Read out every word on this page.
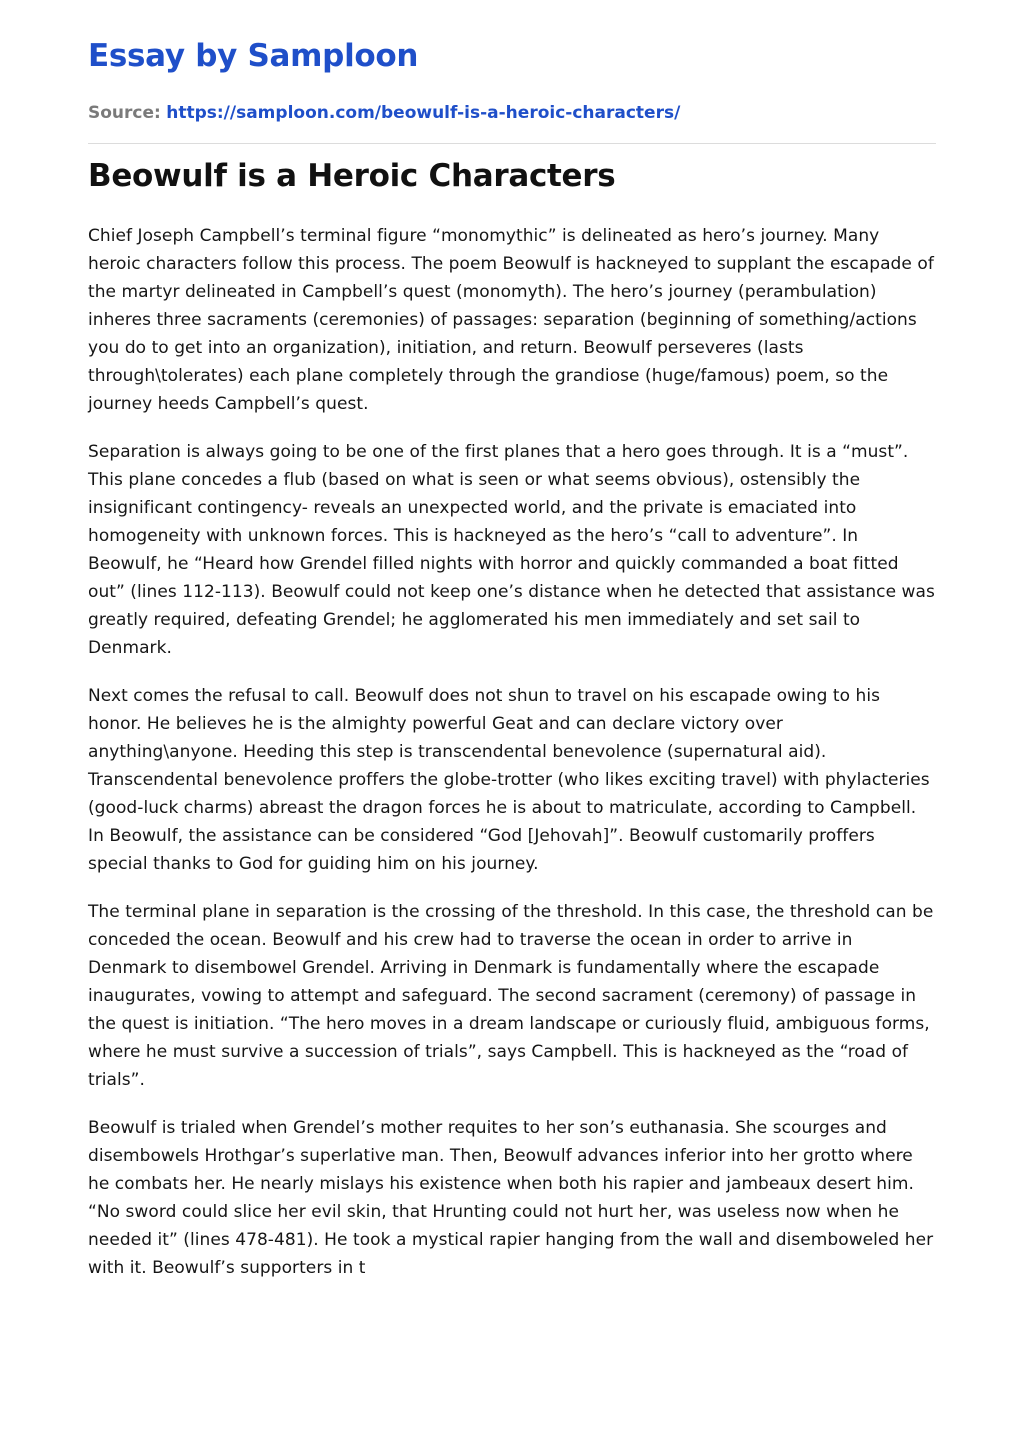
Essay by Samploon
Source: https://samploon.com/beowulf-is-a-heroic-characters/
Beowulf is a Heroic Characters

Chief Joseph Campbell’s terminal figure “monomythic” is delineated as hero’s journey. Many heroic characters follow this process. The poem Beowulf is hackneyed to supplant the escapade of the martyr delineated in Campbell’s quest (monomyth). The hero’s journey (perambulation) inheres three sacraments (ceremonies) of passages: separation (beginning of something/actions you do to get into an organization), initiation, and return. Beowulf perseveres (lasts through\tolerates) each plane completely through the grandiose (huge/famous) poem, so the journey heeds Campbell’s quest.

Separation is always going to be one of the first planes that a hero goes through. It is a “must”. This plane concedes a flub (based on what is seen or what seems obvious), ostensibly the insignificant contingency- reveals an unexpected world, and the private is emaciated into homogeneity with unknown forces. This is hackneyed as the hero’s “call to adventure”. In Beowulf, he “Heard how Grendel filled nights with horror and quickly commanded a boat fitted out” (lines 112-113). Beowulf could not keep one’s distance when he detected that assistance was greatly required, defeating Grendel; he agglomerated his men immediately and set sail to Denmark.

Next comes the refusal to call. Beowulf does not shun to travel on his escapade owing to his honor. He believes he is the almighty powerful Geat and can declare victory over anything\anyone. Heeding this step is transcendental benevolence (supernatural aid). Transcendental benevolence proffers the globe-trotter (who likes exciting travel) with phylacteries (good-luck charms) abreast the dragon forces he is about to matriculate, according to Campbell. In Beowulf, the assistance can be considered “God [Jehovah]”. Beowulf customarily proffers special thanks to God for guiding him on his journey.

The terminal plane in separation is the crossing of the threshold. In this case, the threshold can be conceded the ocean. Beowulf and his crew had to traverse the ocean in order to arrive in Denmark to disembowel Grendel. Arriving in Denmark is fundamentally where the escapade inaugurates, vowing to attempt and safeguard. The second sacrament (ceremony) of passage in the quest is initiation. “The hero moves in a dream landscape or curiously fluid, ambiguous forms, where he must survive a succession of trials”, says Campbell. This is hackneyed as the “road of trials”.

Beowulf is trialed when Grendel’s mother requites to her son’s euthanasia. She scourges and disembowels Hrothgar’s superlative man. Then, Beowulf advances inferior into her grotto where he combats her. He nearly mislays his existence when both his rapier and jambeaux desert him. “No sword could slice her evil skin, that Hrunting could not hurt her, was useless now when he needed it” (lines 478-481). He took a mystical rapier hanging from the wall and disemboweled her with it. Beowulf’s supporters in t
